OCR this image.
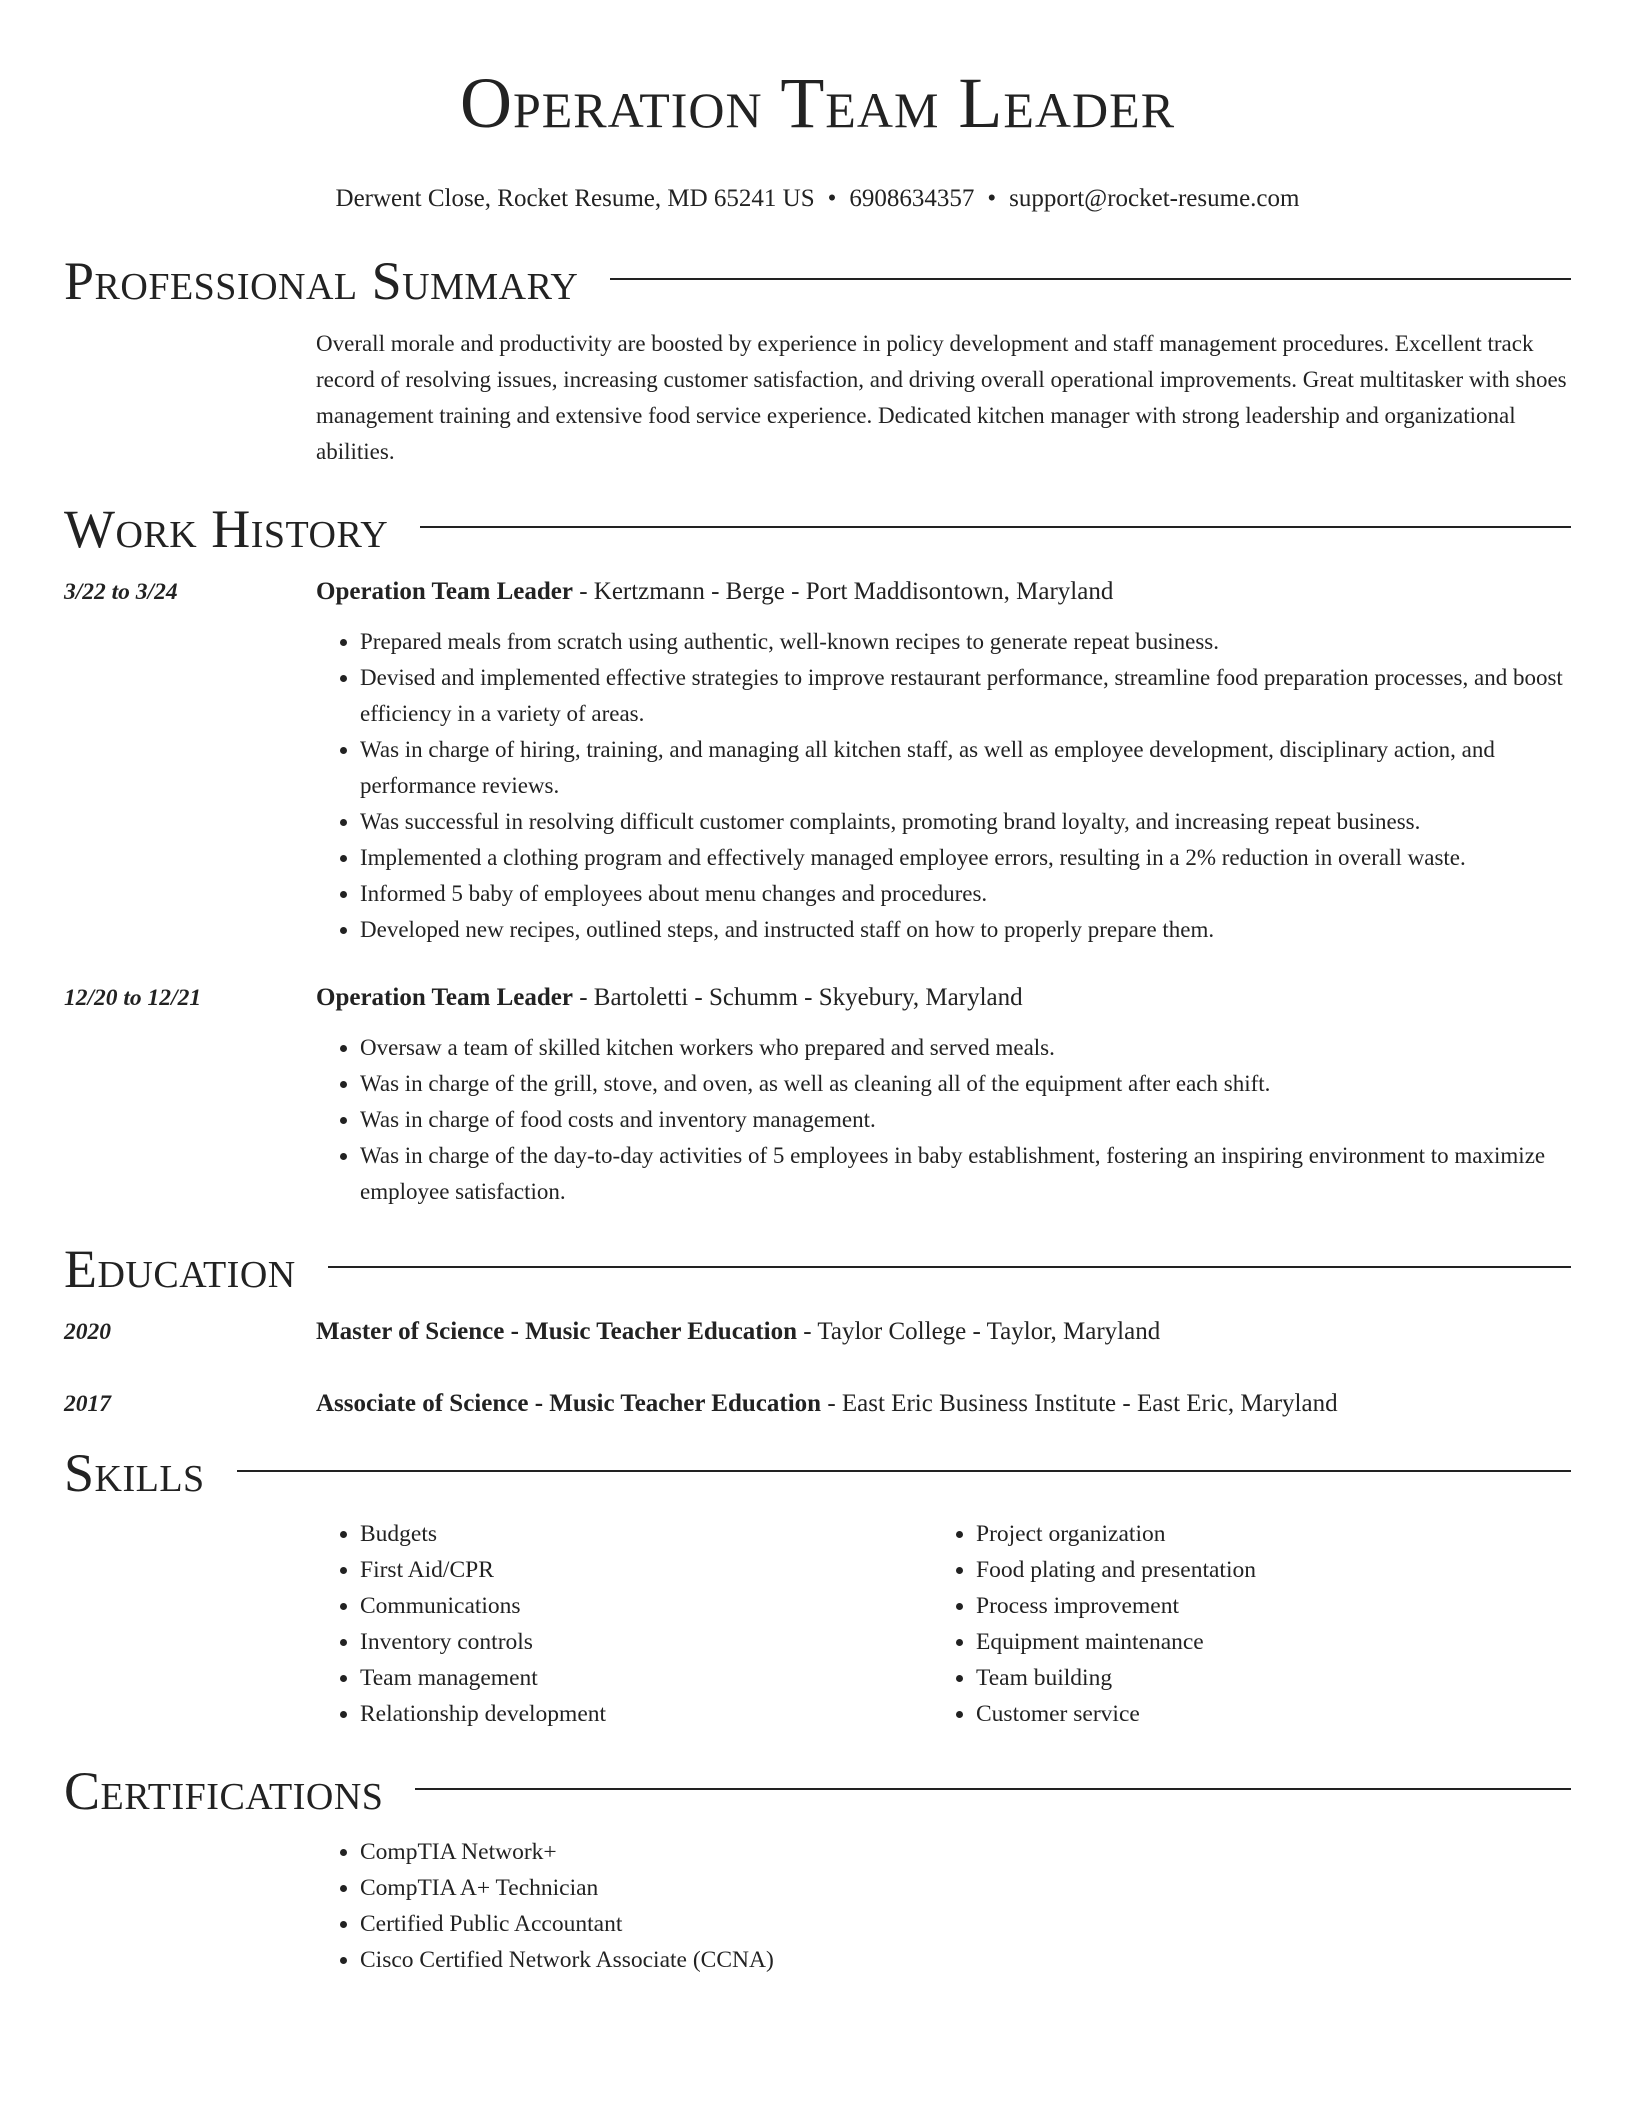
Operation Team Leader
Derwent Close, Rocket Resume, MD 65241 US • 6908634357 • support@rocket-resume.com
Professional Summary
Overall morale and productivity are boosted by experience in policy development and staff management procedures. Excellent track record of resolving issues, increasing customer satisfaction, and driving overall operational improvements. Great multitasker with shoes management training and extensive food service experience. Dedicated kitchen manager with strong leadership and organizational abilities.
Work History
3/22 to 3/24	Operation Team Leader - Kertzmann - Berge - Port Maddisontown, Maryland
• Prepared meals from scratch using authentic, well-known recipes to generate repeat business.
• Devised and implemented effective strategies to improve restaurant performance, streamline food preparation processes, and boost efficiency in a variety of areas.
• Was in charge of hiring, training, and managing all kitchen staff, as well as employee development, disciplinary action, and performance reviews.
• Was successful in resolving difficult customer complaints, promoting brand loyalty, and increasing repeat business.
• Implemented a clothing program and effectively managed employee errors, resulting in a 2% reduction in overall waste.
• Informed 5 baby of employees about menu changes and procedures.
• Developed new recipes, outlined steps, and instructed staff on how to properly prepare them.
12/20 to 12/21	Operation Team Leader - Bartoletti - Schumm - Skyebury, Maryland
• Oversaw a team of skilled kitchen workers who prepared and served meals.
• Was in charge of the grill, stove, and oven, as well as cleaning all of the equipment after each shift.
• Was in charge of food costs and inventory management.
• Was in charge of the day-to-day activities of 5 employees in baby establishment, fostering an inspiring environment to maximize employee satisfaction.
Education
2020	Master of Science - Music Teacher Education - Taylor College - Taylor, Maryland
2017	Associate of Science - Music Teacher Education - East Eric Business Institute - East Eric, Maryland
Skills
• Budgets
• First Aid/CPR
• Communications
• Inventory controls
• Team management
• Relationship development
• Project organization
• Food plating and presentation
• Process improvement
• Equipment maintenance
• Team building
• Customer service
Certifications
• CompTIA Network+
• CompTIA A+ Technician
• Certified Public Accountant
• Cisco Certified Network Associate (CCNA)
